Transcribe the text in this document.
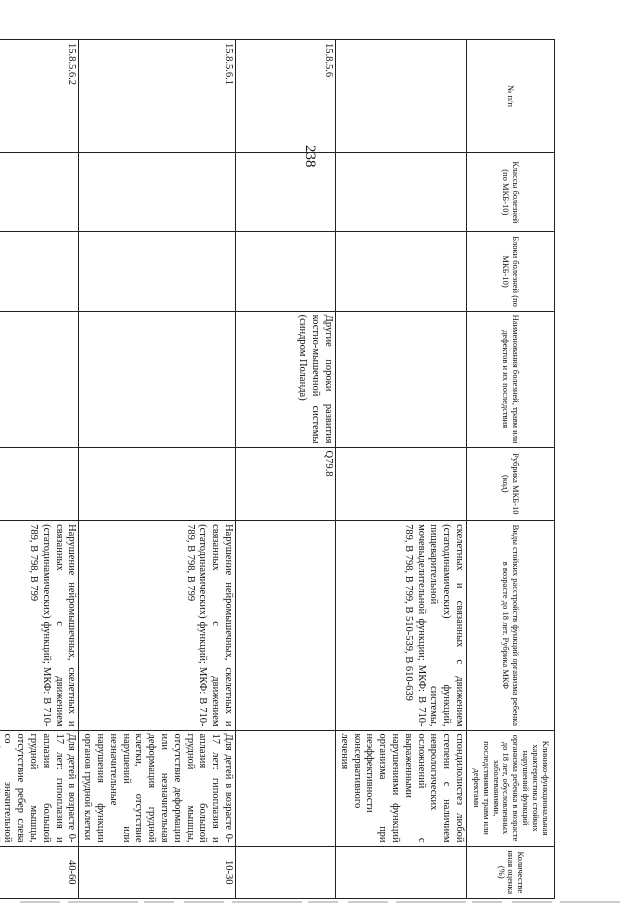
238
№ п/п	Классы болезней (по МКБ-10)	Блоки болезней (по МКБ-10)	Наименования болезней, травм или дефектов и их последствия	Рубрика МКБ-10 (код)	Виды стойких расстройств функций организма ребенка в возрасте до 18 лет. Рубрика МКФ	Клинико-функциональная характеристика стойких нарушений функций организма ребенка в возрасте до 18 лет, обусловленных заболеваниями, последствиями травм или дефектами	Количественная оценка (%)
					скелетных и связанных с движением (статодинамических) функций, пищеварительной системы, мочевыделительной функции; МКФ: В 710-789, В 798, В 799, В 510-539, В 610-639	спондилолистез любой степени с наличием неврологических осложнений с выраженными нарушениями функций организма при неэффективности консервативного лечения	
15.8.5.6			Другие пороки развития костно-мышечной системы (синдром Поланда)	Q79.8			
15.8.5.6.1					Нарушение нейромышечных, скелетных и связанных с движением (статодинамических) функций; МКФ: В 710-789, В 798, В 799	Для детей в возрасте 0-17 лет: гипоплазия и аплазия большой грудной мышцы, отсутствие деформации или незначительная деформация грудной клетки, отсутствие нарушений или незначительные нарушения функции органов грудной клетки	10-30
15.8.5.6.2					Нарушение нейромышечных, скелетных и связанных с движением (статодинамических) функций; МКФ: В 710-789, В 798, В 799	Для детей в возрасте 0-17 лет: гипоплазия и аплазия большой грудной мышцы, отсутствие ребер слева со значительной	40-60
